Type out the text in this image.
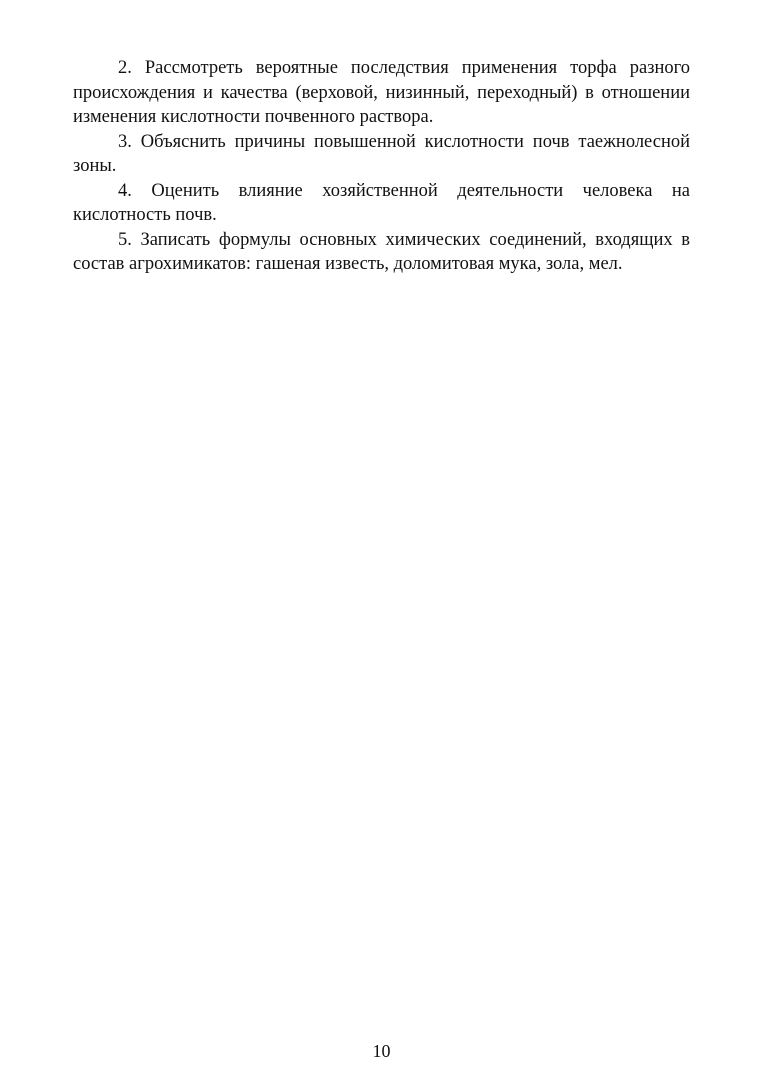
2. Рассмотреть вероятные последствия применения торфа разного происхождения и качества (верховой, низинный, переходный) в отношении изменения кислотности почвенного раствора.

3. Объяснить причины повышенной кислотности почв таежнолесной зоны.

4. Оценить влияние хозяйственной деятельности человека на кислотность почв.

5. Записать формулы основных химических соединений, входящих в состав агрохимикатов: гашеная известь, доломитовая мука, зола, мел.

10
